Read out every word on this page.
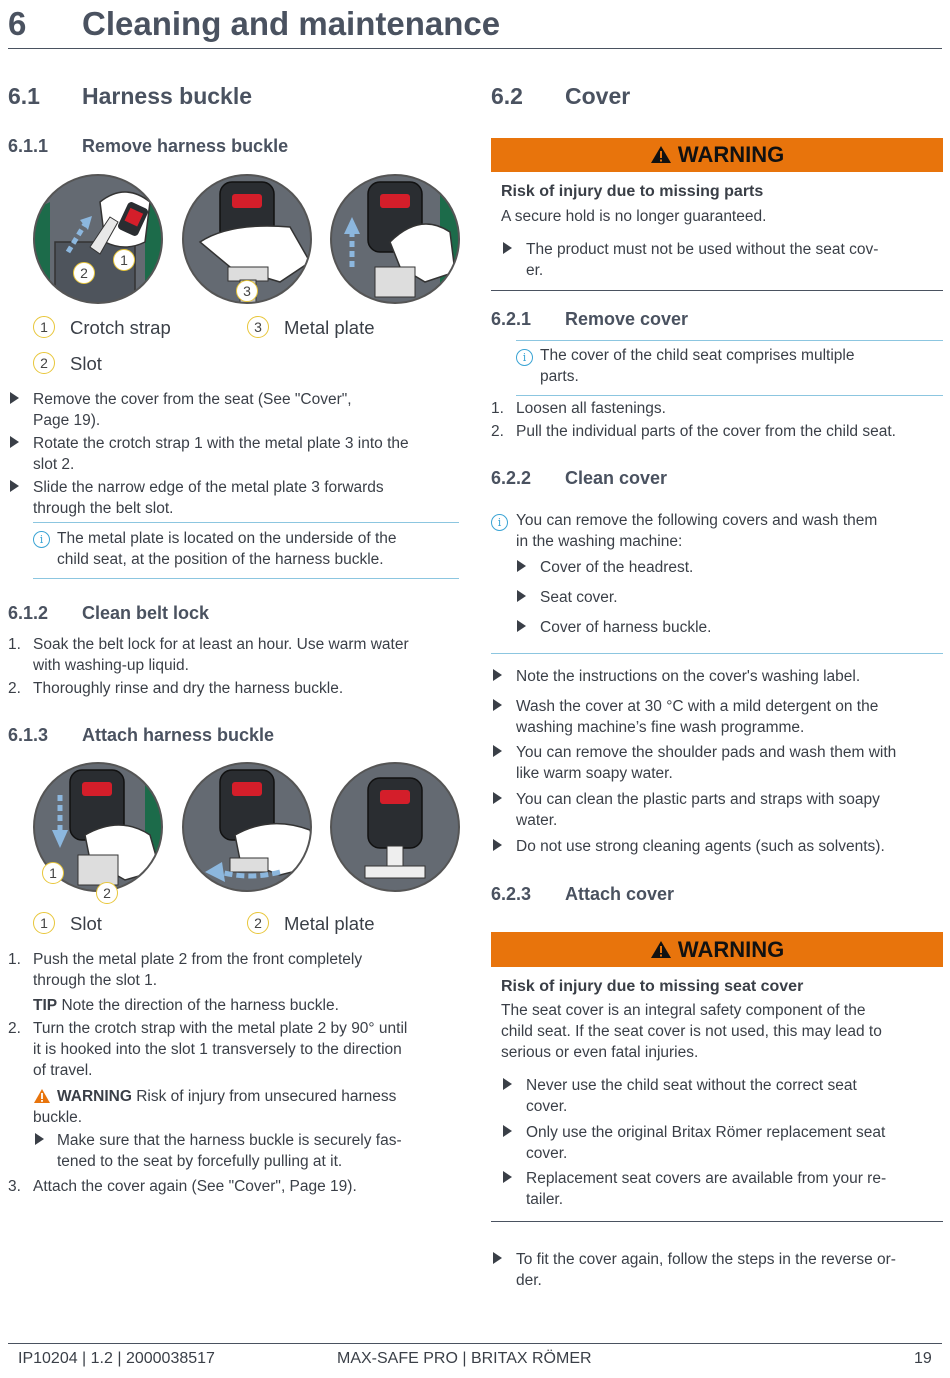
6 Cleaning and maintenance
6.1 Harness buckle
6.1.1 Remove harness buckle
2
1
3
1	Crotch strap	3	Metal plate
2	Slot
Remove the cover from the seat (See "Cover",
Page 19).
Rotate the crotch strap 1 with the metal plate 3 into the
slot 2.
Slide the narrow edge of the metal plate 3 forwards
through the belt slot.
i The metal plate is located on the underside of the
child seat, at the position of the harness buckle.
6.1.2 Clean belt lock
1. Soak the belt lock for at least an hour. Use warm water
with washing-up liquid.
2. Thoroughly rinse and dry the harness buckle.
6.1.3 Attach harness buckle
1
2
1	Slot	2	Metal plate
1. Push the metal plate 2 from the front completely
through the slot 1.
TIP Note the direction of the harness buckle.
2. Turn the crotch strap with the metal plate 2 by 90° until
it is hooked into the slot 1 transversely to the direction
of travel.
WARNING Risk of injury from unsecured harness
buckle.
Make sure that the harness buckle is securely fas-
tened to the seat by forcefully pulling at it.
3. Attach the cover again (See "Cover", Page 19).
6.2 Cover
WARNING
Risk of injury due to missing parts
A secure hold is no longer guaranteed.
The product must not be used without the seat cov-
er.
6.2.1 Remove cover
i The cover of the child seat comprises multiple
parts.
1. Loosen all fastenings.
2. Pull the individual parts of the cover from the child seat.
6.2.2 Clean cover
i You can remove the following covers and wash them
in the washing machine:
Cover of the headrest.
Seat cover.
Cover of harness buckle.
Note the instructions on the cover's washing label.
Wash the cover at 30 °C with a mild detergent on the
washing machine’s fine wash programme.
You can remove the shoulder pads and wash them with
like warm soapy water.
You can clean the plastic parts and straps with soapy
water.
Do not use strong cleaning agents (such as solvents).
6.2.3 Attach cover
WARNING
Risk of injury due to missing seat cover
The seat cover is an integral safety component of the
child seat. If the seat cover is not used, this may lead to
serious or even fatal injuries.
Never use the child seat without the correct seat
cover.
Only use the original Britax Römer replacement seat
cover.
Replacement seat covers are available from your re-
tailer.
To fit the cover again, follow the steps in the reverse or-
der.
IP10204 | 1.2 | 2000038517	MAX-SAFE PRO | BRITAX RÖMER	19
